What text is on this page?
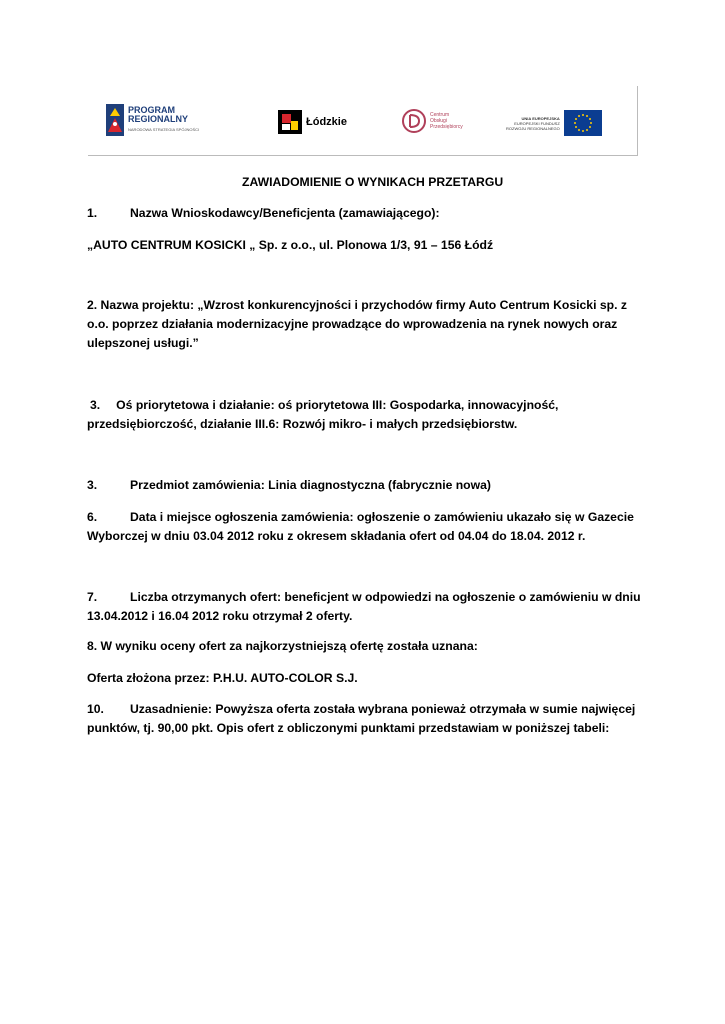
PROGRAM
REGIONALNY
NARODOWA STRATEGIA SPÓJNOŚCI
Łódzkie
Centrum
Obsługi
Przedsiębiorcy
UNIA EUROPEJSKA
EUROPEJSKI FUNDUSZ
ROZWOJU REGIONALNEGO

ZAWIADOMIENIE O WYNIKACH PRZETARGU

1.	Nazwa Wnioskodawcy/Beneficjenta (zamawiającego):

„AUTO CENTRUM KOSICKI „ Sp. z o.o., ul. Plonowa 1/3, 91 – 156 Łódź

2. Nazwa projektu: „Wzrost konkurencyjności i przychodów firmy Auto Centrum Kosicki sp. z o.o. poprzez działania modernizacyjne prowadzące do wprowadzenia na rynek nowych oraz ulepszonej usługi.”

3. Oś priorytetowa i działanie: oś priorytetowa III: Gospodarka, innowacyjność, przedsiębiorczość, działanie III.6: Rozwój mikro- i małych przedsiębiorstw.

3.	Przedmiot zamówienia: Linia diagnostyczna (fabrycznie nowa)

6.	Data i miejsce ogłoszenia zamówienia: ogłoszenie o zamówieniu ukazało się w Gazecie Wyborczej w dniu 03.04 2012 roku z okresem składania ofert od 04.04 do 18.04. 2012 r.

7.	Liczba otrzymanych ofert: beneficjent w odpowiedzi na ogłoszenie o zamówieniu w dniu 13.04.2012 i 16.04 2012 roku otrzymał 2 oferty.

8. W wyniku oceny ofert za najkorzystniejszą ofertę została uznana:

Oferta złożona przez: P.H.U. AUTO-COLOR S.J.

10. Uzasadnienie: Powyższa oferta została wybrana ponieważ otrzymała w sumie najwięcej punktów, tj. 90,00 pkt. Opis ofert z obliczonymi punktami przedstawiam w poniższej tabeli:
